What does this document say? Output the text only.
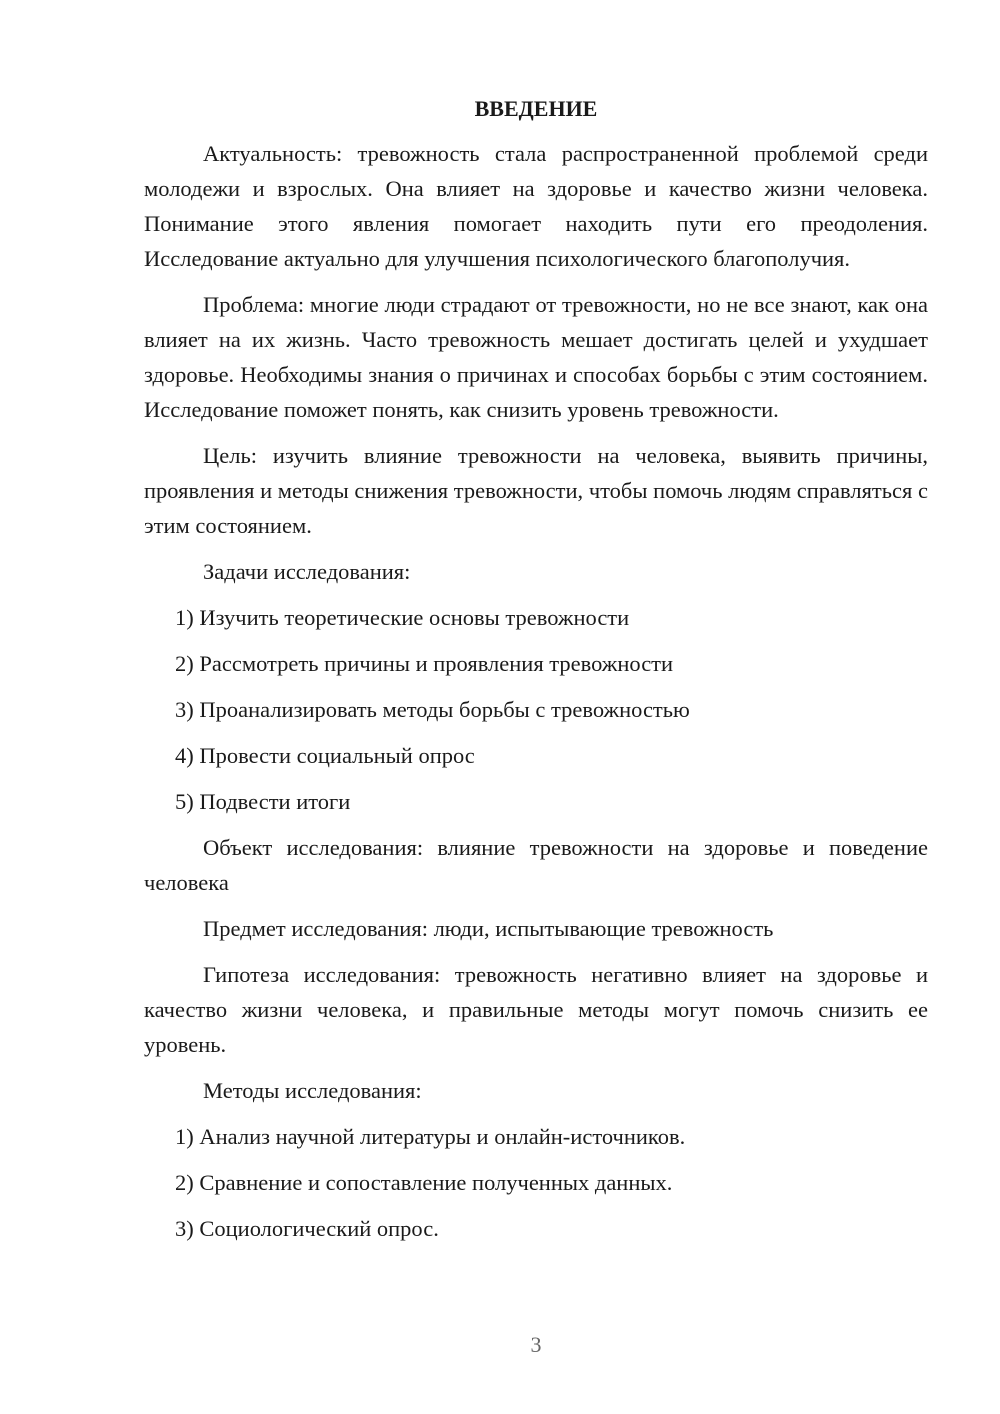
ВВЕДЕНИЕ

Актуальность: тревожность стала распространенной проблемой среди молодежи и взрослых. Она влияет на здоровье и качество жизни человека. Понимание этого явления помогает находить пути его преодоления. Исследование актуально для улучшения психологического благополучия.

Проблема: многие люди страдают от тревожности, но не все знают, как она влияет на их жизнь. Часто тревожность мешает достигать целей и ухудшает здоровье. Необходимы знания о причинах и способах борьбы с этим состоянием. Исследование поможет понять, как снизить уровень тревожности.

Цель: изучить влияние тревожности на человека, выявить причины, проявления и методы снижения тревожности, чтобы помочь людям справляться с этим состоянием.

Задачи исследования:
1) Изучить теоретические основы тревожности
2) Рассмотреть причины и проявления тревожности
3) Проанализировать методы борьбы с тревожностью
4) Провести социальный опрос
5) Подвести итоги

Объект исследования: влияние тревожности на здоровье и поведение человека

Предмет исследования: люди, испытывающие тревожность

Гипотеза исследования: тревожность негативно влияет на здоровье и качество жизни человека, и правильные методы могут помочь снизить ее уровень.

Методы исследования:
1) Анализ научной литературы и онлайн-источников.
2) Сравнение и сопоставление полученных данных.
3) Социологический опрос.
3
